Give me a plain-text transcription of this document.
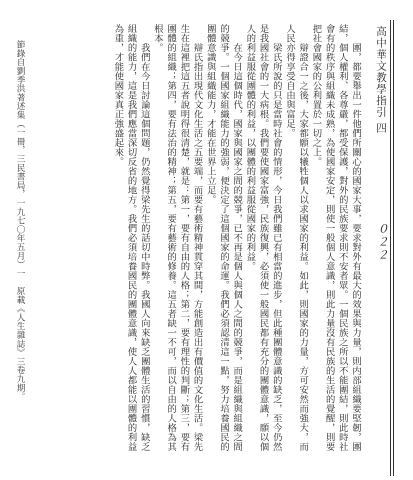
高中華文教學指引 四
０２２

團，都要舉出一件他們所關心的國家大事，要求對外有最大的效果與力量，則内部組織要堅韌，團結，個人權利、各尊嚴，都受保護，對外的民族要求則不安者眾。一個民族之所以不能團結，則此時社會有的秩序與組織未成熟，為使國家安定，則使一般個人意識，則此力量沒有民族的生活的覺醒，則要把社會國家的公利置於一切之上。

辯證合一之後，大家都願以犧牲個人以求國家的利益。如此，則國家的力量，方可安然而強大，而人民亦得享受自由與富足。

梁氏所說的只是當時社會的情形，今日我們雖已有相當的進步，但此種團體意識的缺乏，至今仍然是我國社會的一大病根。我們要使國家富強，民族復興，必須使一般國民都有充分的團體意識，願以個人的利益服從團體的利益，以團體的利益服從國家的利益。

在今日這個時代，國家與國家之間的競爭，已不再是個人與個人之間的競爭，而是組織與組織之間的競爭。一個國家組織能力的強弱，便決定了這個國家的命運。我們必須認清這一點，努力培養國民的團體意識與組織能力，才能在世界上立足。

辯氏指出現代文化生活之五要端，而要有藝術精神貫穿其間，方能創造出有價值的文化生活。梁先生在這裡把這五者說明得很清楚，就是：第一，要有自由的人格；第二，要有理性的判斷；第三，要有團體的組織；第四，要有法治的精神；第五，要有藝術的修養。這五者缺一不可，而以自由的人格為其根本。

我們在今日討論這個問題，仍然覺得梁先生的話切中時弊。我國人向來缺乏團體生活的習慣，缺乏組織的能力，這是我們應當深切反省的地方。我們必須培養國民的團體意識，使人人都能以團體的利益為重，才能使國家真正強盛起來。

節錄自劉季洪著述集（一冊，三民書局，一九七〇年五月）一　原載《人生雜誌》三卷九期。
